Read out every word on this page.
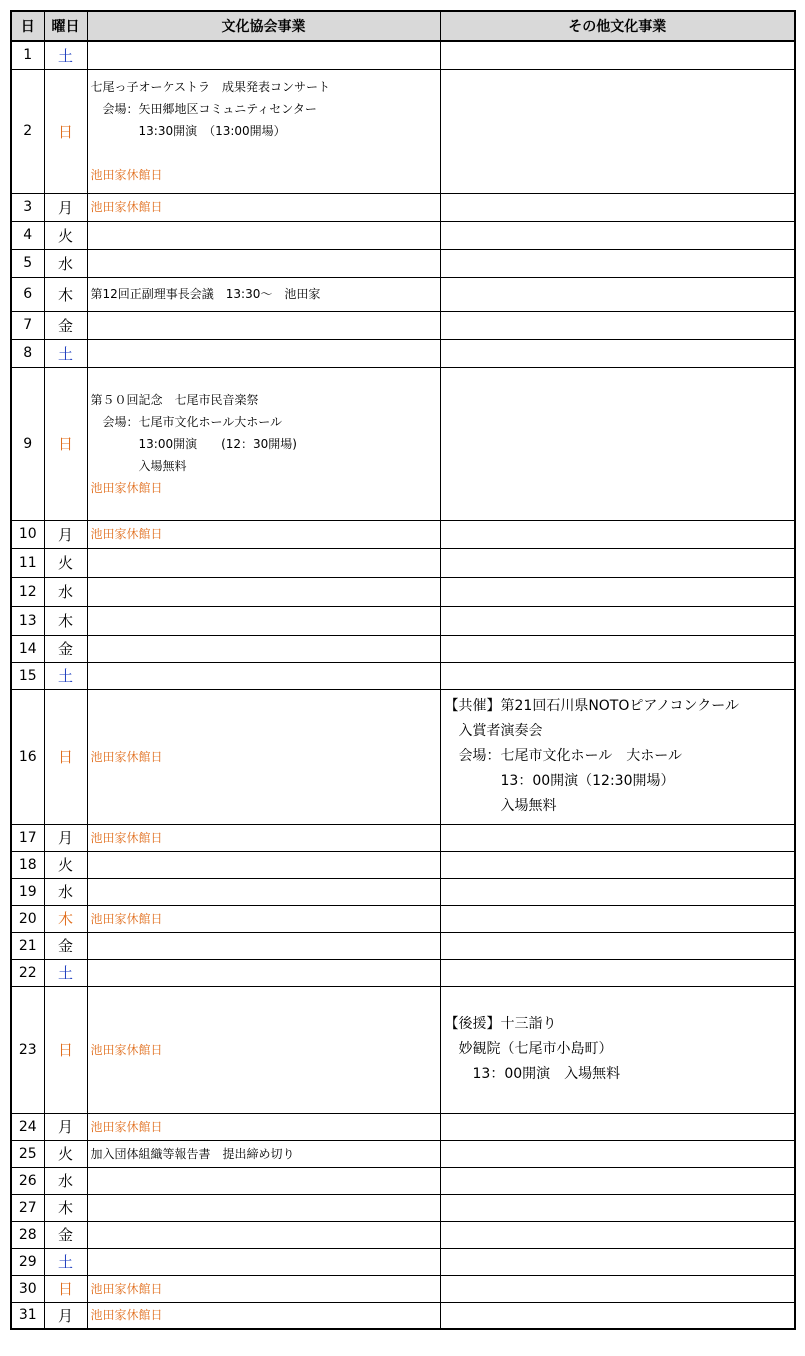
日	曜日	文化協会事業	その他文化事業
1	土		
2	日	七尾っ子オーケストラ　成果発表コンサート
　会場：矢田郷地区コミュニティセンター
　　　　13:30開演　（13:00開場）
池田家休館日	

3	月	池田家休館日	

4	火		
5	水		
6	木	第12回正副理事長会議　13:30～　池田家	

7	金		
8	土		
9	日	第５０回記念　七尾市民音楽祭
　会場：七尾市文化ホール大ホール
　　　　13:00開演　　(12：30開場)
　　　　入場無料
池田家休館日	

10	月	池田家休館日	

11	火		
12	水		
13	木		
14	金		
15	土		
16	日	池田家休館日	【共催】第21回石川県NOTOピアノコンクール
　入賞者演奏会
　会場：七尾市文化ホール　大ホール
　　　　13：00開演（12:30開場）
　　　　入場無料

17	月	池田家休館日	

18	火		
19	水		
20	木	池田家休館日	

21	金		
22	土		
23	日	池田家休館日	【後援】十三詣り
　妙観院（七尾市小島町）
　　13：00開演　入場無料

24	月	池田家休館日	

25	火	加入団体組織等報告書　提出締め切り	

26	水		
27	木		
28	金		
29	土		
30	日	池田家休館日	

31	月	池田家休館日	
